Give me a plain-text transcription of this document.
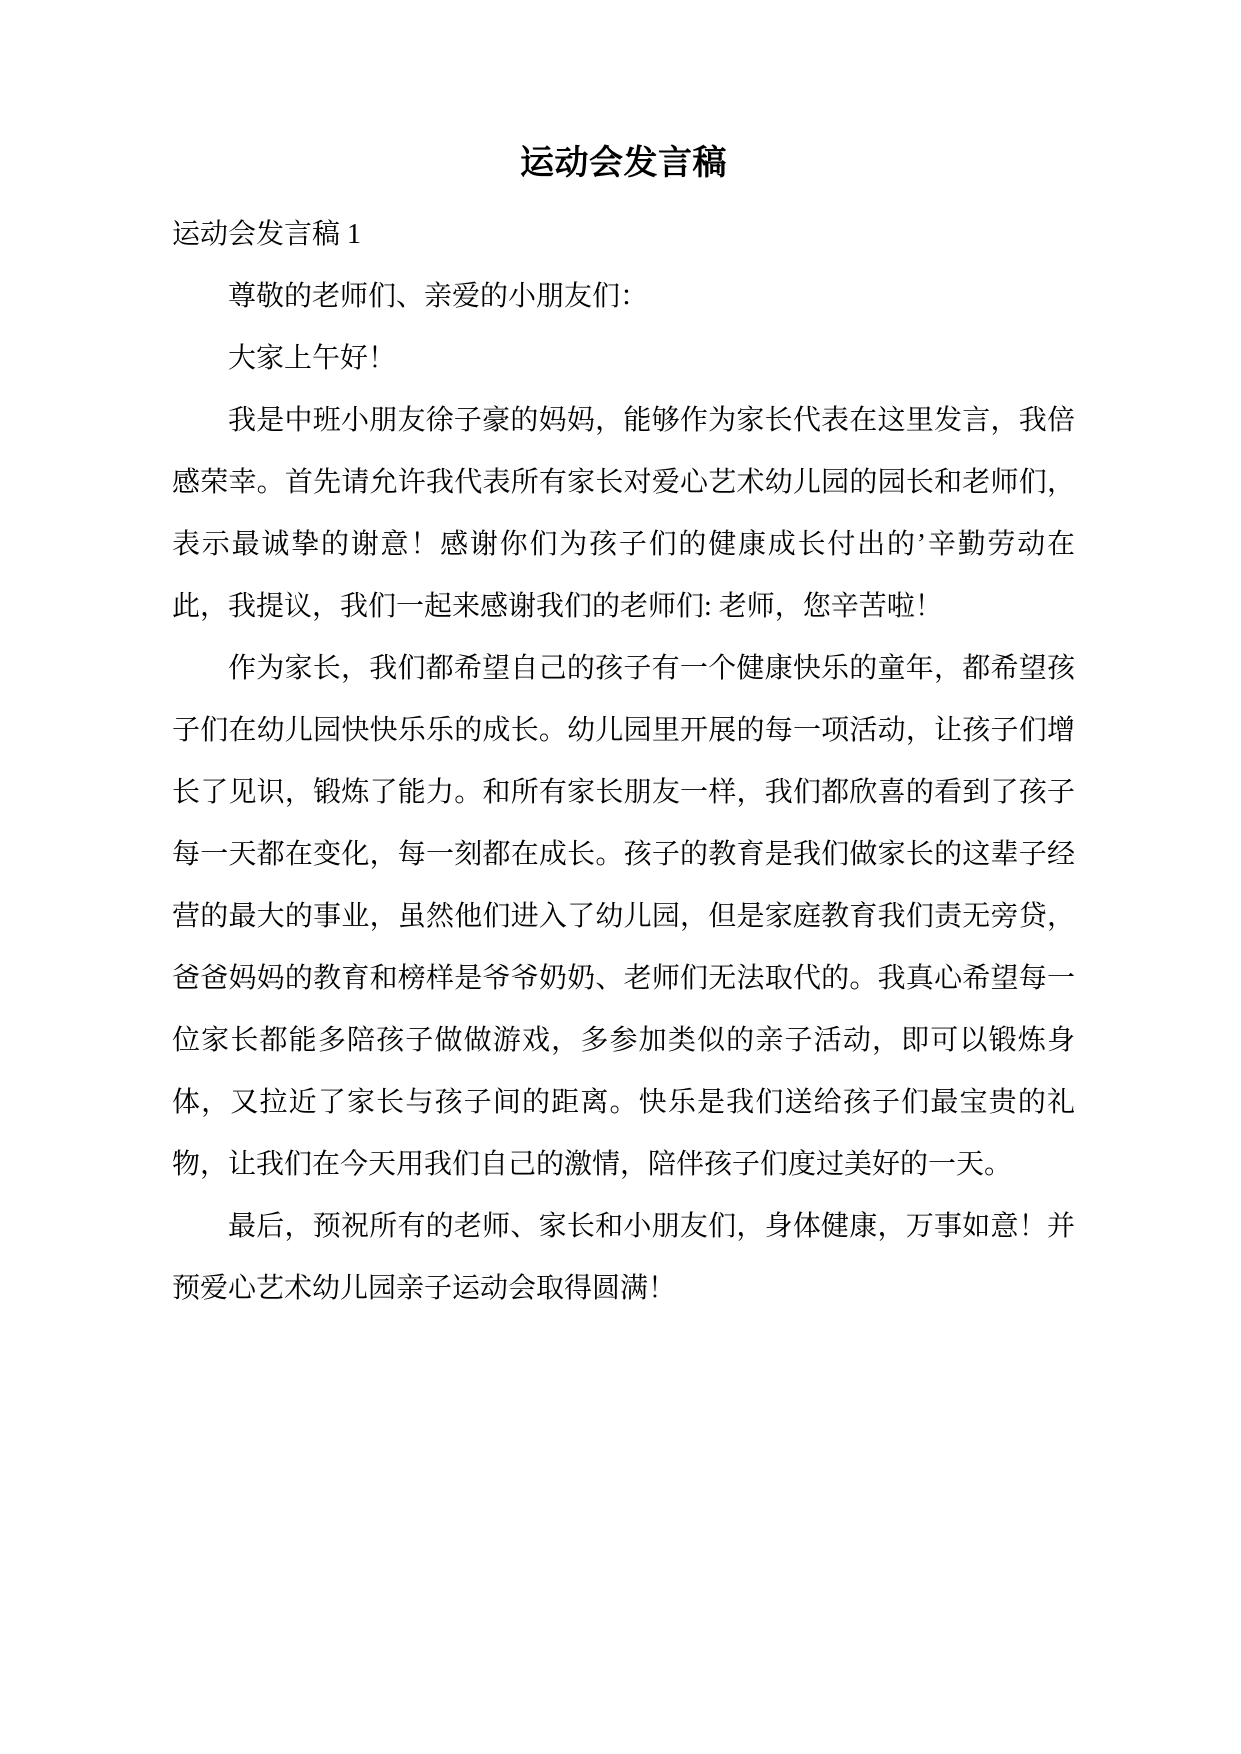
运动会发言稿

运动会发言稿 1

尊敬的老师们、亲爱的小朋友们：

大家上午好！

我是中班小朋友徐子豪的妈妈，能够作为家长代表在这里发言，我倍感荣幸。首先请允许我代表所有家长对爱心艺术幼儿园的园长和老师们，表示最诚挚的谢意！感谢你们为孩子们的健康成长付出的’辛勤劳动在此，我提议，我们一起来感谢我们的老师们: 老师，您辛苦啦！

作为家长，我们都希望自己的孩子有一个健康快乐的童年，都希望孩子们在幼儿园快快乐乐的成长。幼儿园里开展的每一项活动，让孩子们增长了见识，锻炼了能力。和所有家长朋友一样，我们都欣喜的看到了孩子每一天都在变化，每一刻都在成长。孩子的教育是我们做家长的这辈子经营的最大的事业，虽然他们进入了幼儿园，但是家庭教育我们责无旁贷，爸爸妈妈的教育和榜样是爷爷奶奶、老师们无法取代的。我真心希望每一位家长都能多陪孩子做做游戏，多参加类似的亲子活动，即可以锻炼身体，又拉近了家长与孩子间的距离。快乐是我们送给孩子们最宝贵的礼物，让我们在今天用我们自己的激情，陪伴孩子们度过美好的一天。

最后，预祝所有的老师、家长和小朋友们，身体健康，万事如意！并预爱心艺术幼儿园亲子运动会取得圆满！
